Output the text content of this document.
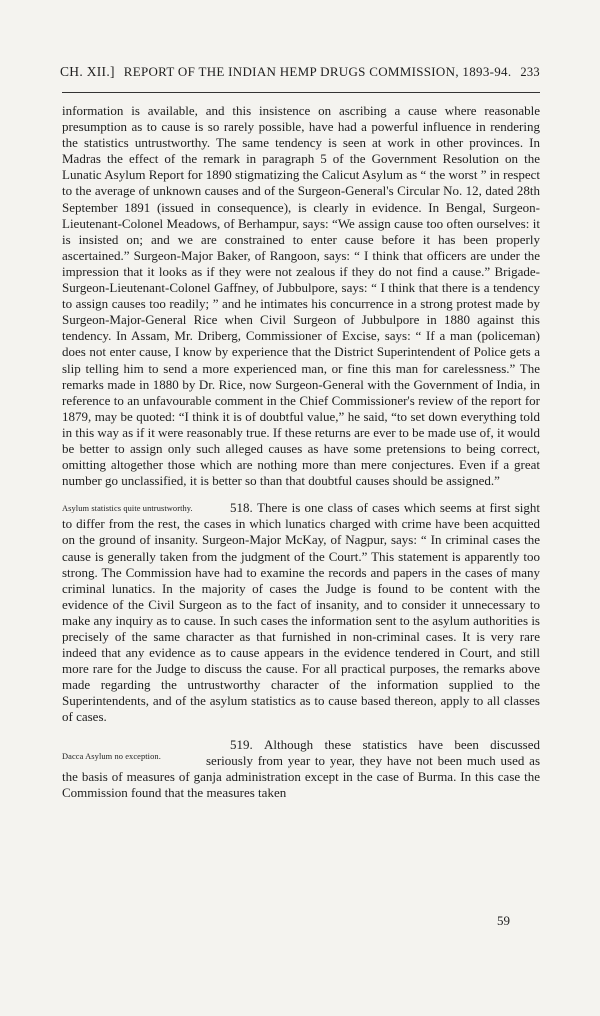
CH. XII.] REPORT OF THE INDIAN HEMP DRUGS COMMISSION, 1893-94. 233

information is available, and this insistence on ascribing a cause where reasonable presumption as to cause is so rarely possible, have had a powerful influence in rendering the statistics untrustworthy. The same tendency is seen at work in other provinces. In Madras the effect of the remark in paragraph 5 of the Government Resolution on the Lunatic Asylum Report for 1890 stigmatizing the Calicut Asylum as “ the worst ” in respect to the average of unknown causes and of the Surgeon-General's Circular No. 12, dated 28th September 1891 (issued in consequence), is clearly in evidence. In Bengal, Surgeon-Lieutenant-Colonel Meadows, of Berhampur, says: “We assign cause too often ourselves: it is insisted on; and we are constrained to enter cause before it has been properly ascertained.” Surgeon-Major Baker, of Rangoon, says: “ I think that officers are under the impression that it looks as if they were not zealous if they do not find a cause.” Brigade-Surgeon-Lieutenant-Colonel Gaffney, of Jubbulpore, says: “ I think that there is a tendency to assign causes too readily; ” and he intimates his concurrence in a strong protest made by Surgeon-Major-General Rice when Civil Surgeon of Jubbulpore in 1880 against this tendency. In Assam, Mr. Driberg, Commissioner of Excise, says: “ If a man (policeman) does not enter cause, I know by experience that the District Superintendent of Police gets a slip telling him to send a more experienced man, or fine this man for carelessness.” The remarks made in 1880 by Dr. Rice, now Surgeon-General with the Government of India, in reference to an unfavourable comment in the Chief Commissioner's review of the report for 1879, may be quoted: “I think it is of doubtful value,” he said, “to set down everything told in this way as if it were reasonably true. If these returns are ever to be made use of, it would be better to assign only such alleged causes as have some pretensions to being correct, omitting altogether those which are nothing more than mere conjectures. Even if a great number go unclassified, it is better so than that doubtful causes should be assigned.”

518.
Asylum statistics quite untrustworthy.	There is one class of cases which seems at first sight to differ from the rest, the cases in which lunatics charged with crime have been acquitted on the ground of insanity. Surgeon-Major McKay, of Nagpur, says: “ In criminal cases the cause is generally taken from the judgment of the Court.” This statement is apparently too strong. The Commission have had to examine the records and papers in the cases of many criminal lunatics. In the majority of cases the Judge is found to be content with the evidence of the Civil Surgeon as to the fact of insanity, and to consider it unnecessary to make any inquiry as to cause. In such cases the information sent to the asylum authorities is precisely of the same character as that furnished in non-criminal cases. It is very rare indeed that any evidence as to cause appears in the evidence tendered in Court, and still more rare for the Judge to discuss the cause. For all practical purposes, the remarks above made regarding the untrustworthy character of the information supplied to the Superintendents, and of the asylum statistics as to cause based thereon, apply to all classes of cases.

519.
Dacca Asylum no exception.
Although these statistics have been discussed seriously from year to year, they have not been much used as the basis of measures of ganja administration except in the case of Burma. In this case the Commission found that the measures taken

59
